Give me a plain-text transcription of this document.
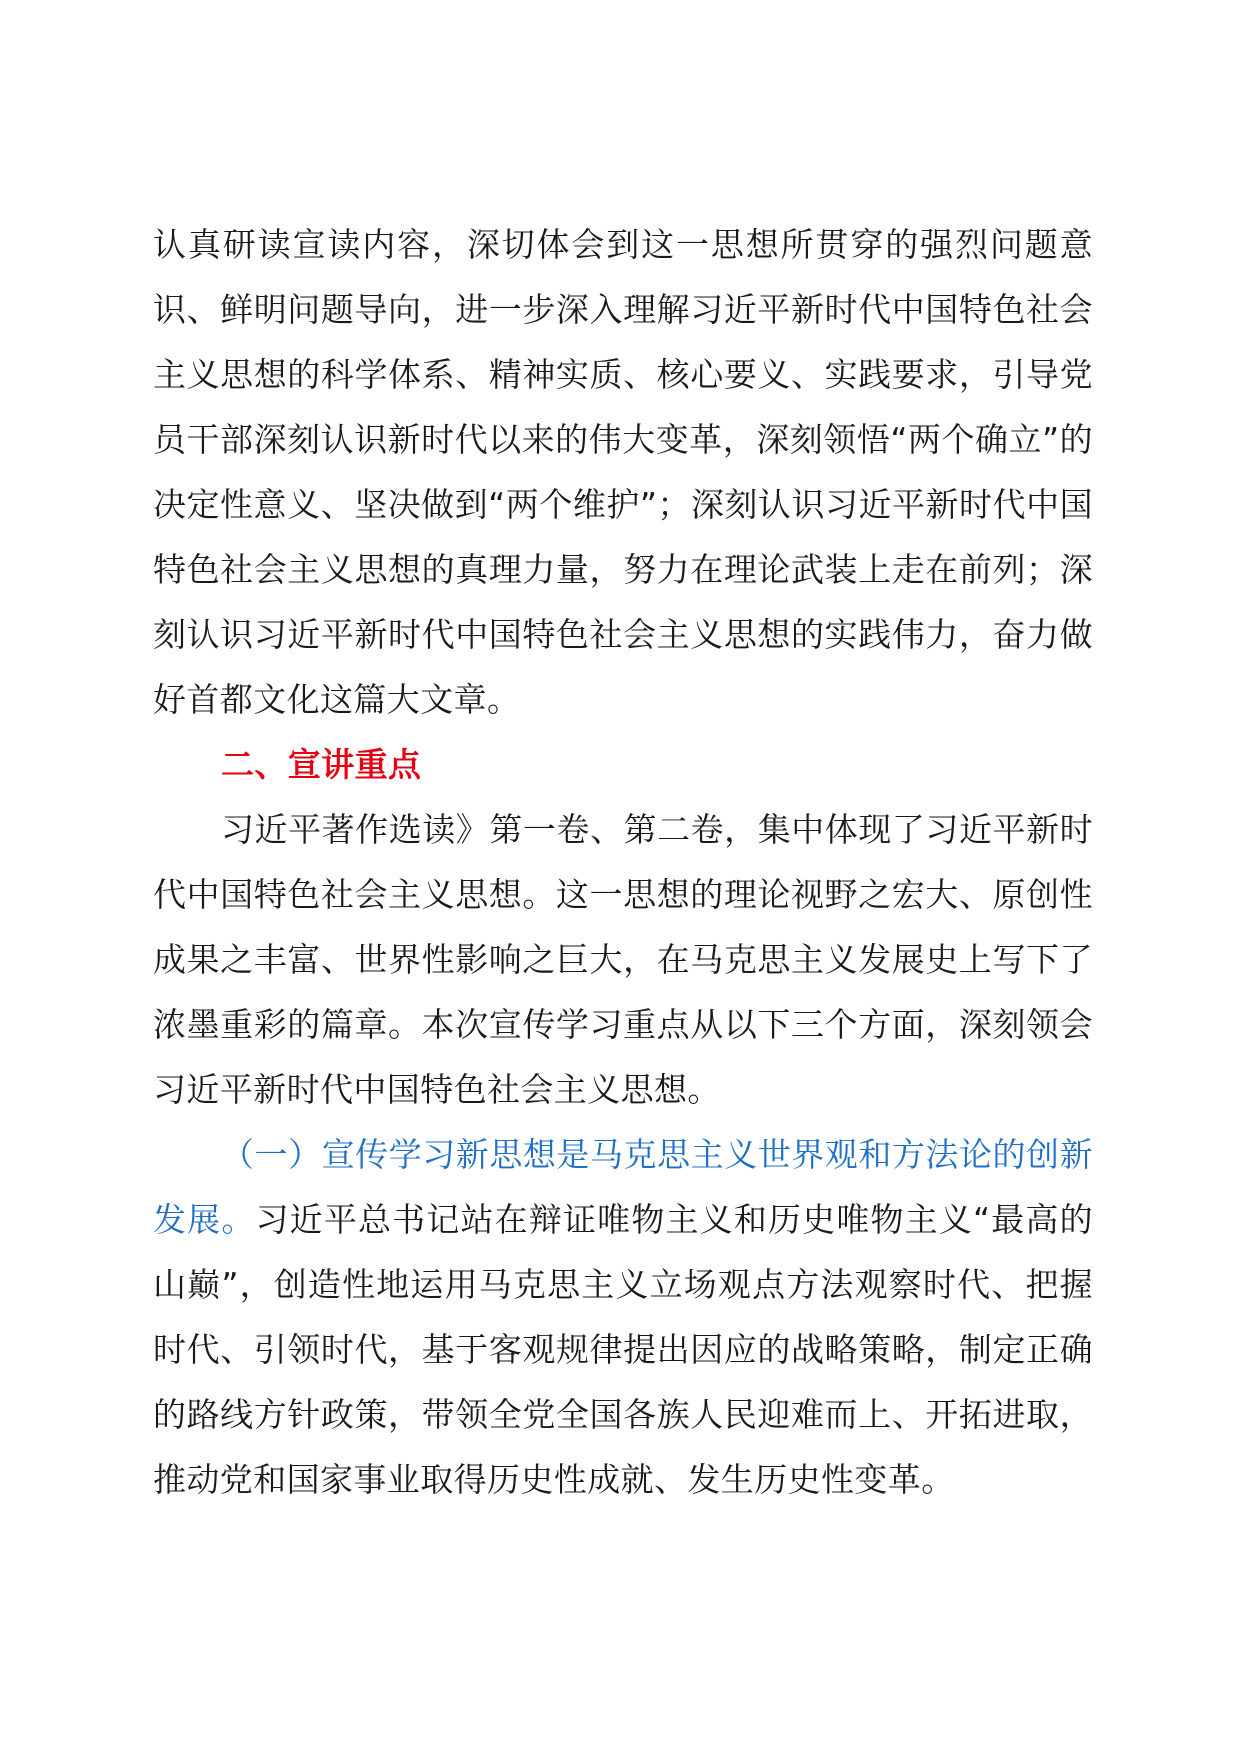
认真研读宣读内容，深切体会到这一思想所贯穿的强烈问题意识、鲜明问题导向，进一步深入理解习近平新时代中国特色社会主义思想的科学体系、精神实质、核心要义、实践要求，引导党员干部深刻认识新时代以来的伟大变革，深刻领悟“两个确立”的决定性意义、坚决做到“两个维护”；深刻认识习近平新时代中国特色社会主义思想的真理力量，努力在理论武装上走在前列；深刻认识习近平新时代中国特色社会主义思想的实践伟力，奋力做好首都文化这篇大文章。

二、宣讲重点

习近平著作选读》第一卷、第二卷，集中体现了习近平新时代中国特色社会主义思想。这一思想的理论视野之宏大、原创性成果之丰富、世界性影响之巨大，在马克思主义发展史上写下了浓墨重彩的篇章。本次宣传学习重点从以下三个方面，深刻领会习近平新时代中国特色社会主义思想。

（一）宣传学习新思想是马克思主义世界观和方法论的创新发展。习近平总书记站在辩证唯物主义和历史唯物主义“最高的山巅”，创造性地运用马克思主义立场观点方法观察时代、把握时代、引领时代，基于客观规律提出因应的战略策略，制定正确的路线方针政策，带领全党全国各族人民迎难而上、开拓进取，推动党和国家事业取得历史性成就、发生历史性变革。
